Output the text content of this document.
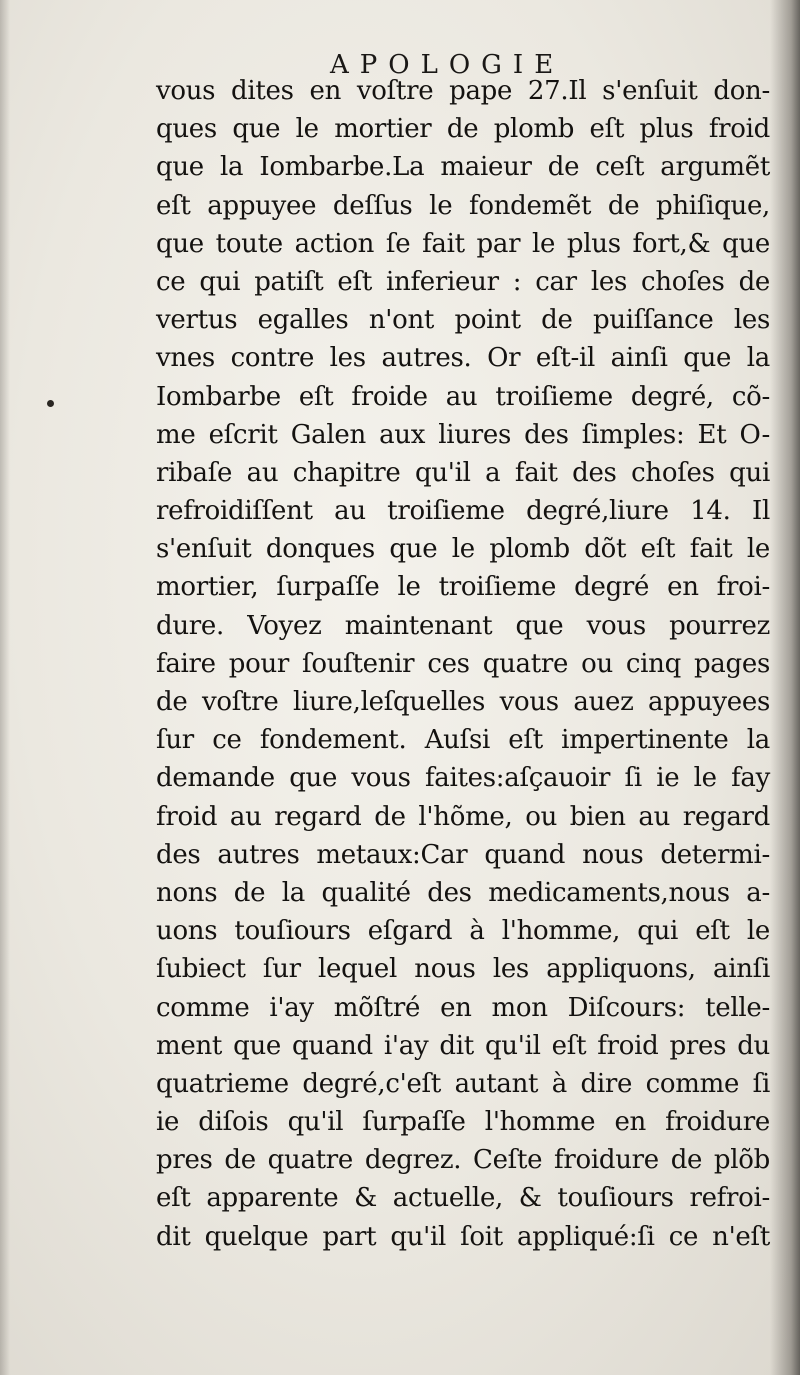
APOLOGIE
vous dites en voſtre pape 27.Il s'enſuit don-
ques que le mortier de plomb eſt plus froid
que la Iombarbe.La maieur de ceſt argumẽt
eſt appuyee deſſus le fondemẽt de phiſique,
que toute action ſe fait par le plus fort,& que
ce qui patiſt eſt inferieur : car les choſes de
vertus egalles n'ont point de puiſſance les
vnes contre les autres. Or eſt-il ainſi que la
Iombarbe eſt froide au troiſieme degré, cõ-
me eſcrit Galen aux liures des ſimples: Et O-
ribaſe au chapitre qu'il a fait des choſes qui
refroidiſſent au troiſieme degré,liure 14. Il
s'enſuit donques que le plomb dõt eſt fait le
mortier, ſurpaſſe le troiſieme degré en froi-
dure. Voyez maintenant que vous pourrez
faire pour ſouſtenir ces quatre ou cinq pages
de voſtre liure,leſquelles vous auez appuyees
ſur ce fondement. Auſsi eſt impertinente la
demande que vous faites:aſçauoir ſi ie le fay
froid au regard de l'hõme, ou bien au regard
des autres metaux:Car quand nous determi-
nons de la qualité des medicaments,nous a-
uons touſiours eſgard à l'homme, qui eſt le
ſubiect ſur lequel nous les appliquons, ainſi
comme i'ay mõſtré en mon Diſcours: telle-
ment que quand i'ay dit qu'il eſt froid pres du
quatrieme degré,c'eſt autant à dire comme ſi
ie diſois qu'il ſurpaſſe l'homme en froidure
pres de quatre degrez. Ceſte froidure de plõb
eſt apparente & actuelle, & touſiours refroi-
dit quelque part qu'il ſoit appliqué:ſi ce n'eſt
